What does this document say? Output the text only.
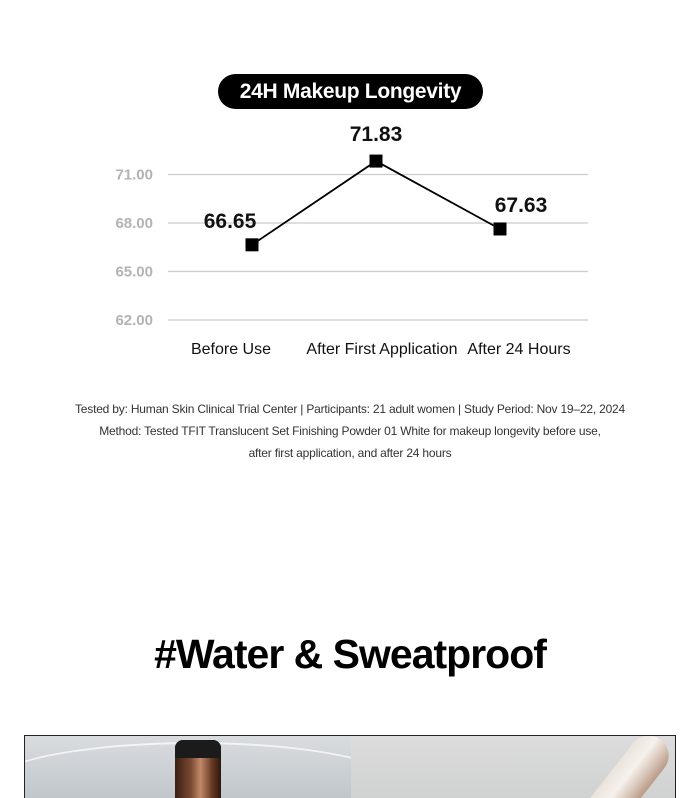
24H Makeup Longevity
62.00
65.00
68.00
71.00
66.65
71.83
67.63
Before Use After First Application After 24 Hours
Tested by: Human Skin Clinical Trial Center | Participants: 21 adult women | Study Period: Nov 19–22, 2024
Method: Tested TFIT Translucent Set Finishing Powder 01 White for makeup longevity before use,
after first application, and after 24 hours
#Water & Sweatproof
